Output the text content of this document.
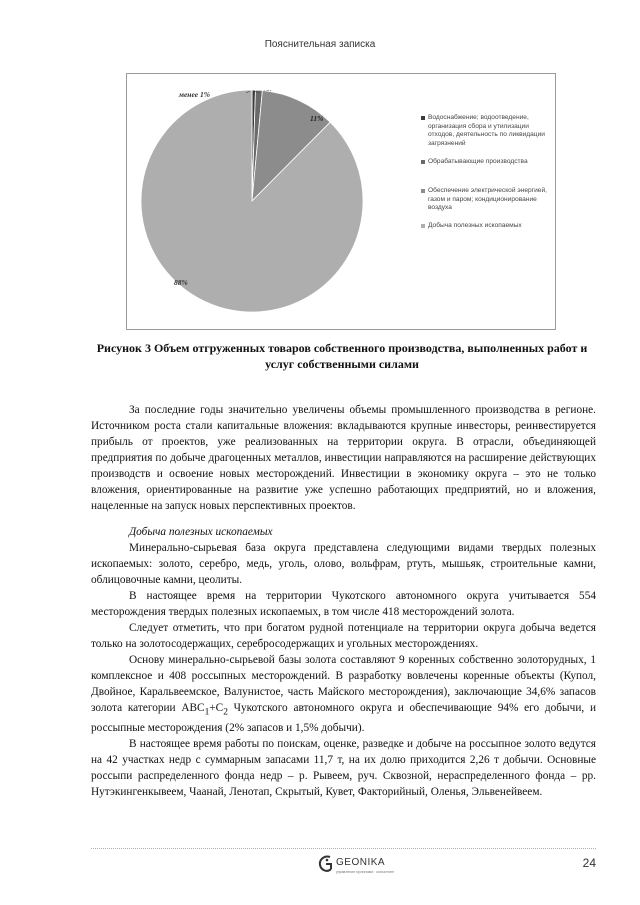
Пояснительная записка
менее 1%
11%
88%
Водоснабжение; водоотведение, организация сбора и утилизации отходов, деятельность по ликвидации загрязнений
Обрабатывающие производства
Обеспечение электрической энергией, газом и паром; кондиционирование воздуха
Добыча полезных ископаемых
Рисунок 3 Объем отгруженных товаров собственного производства, выполненных работ и услуг собственными силами

За последние годы значительно увеличены объемы промышленного производства в регионе. Источником роста стали капитальные вложения: вкладываются крупные инвесторы, реинвестируется прибыль от проектов, уже реализованных на территории округа. В отрасли, объединяющей предприятия по добыче драгоценных металлов, инвестиции направляются на расширение действующих производств и освоение новых месторождений. Инвестиции в экономику округа – это не только вложения, ориентированные на развитие уже успешно работающих предприятий, но и вложения, нацеленные на запуск новых перспективных проектов.

Добыча полезных ископаемых

Минерально-сырьевая база округа представлена следующими видами твердых полезных ископаемых: золото, серебро, медь, уголь, олово, вольфрам, ртуть, мышьяк, строительные камни, облицовочные камни, цеолиты.

В настоящее время на территории Чукотского автономного округа учитывается 554 месторождения твердых полезных ископаемых, в том числе 418 месторождений золота.

Следует отметить, что при богатом рудной потенциале на территории округа добыча ведется только на золотосодержащих, серебросодержащих и угольных месторождениях.

Основу минерально-сырьевой базы золота составляют 9 коренных собственно золоторудных, 1 комплексное и 408 россыпных месторождений. В разработку вовлечены коренные объекты (Купол, Двойное, Каральвеемское, Валунистое, часть Майского месторождения), заключающие 34,6% запасов золота категории $АВС_1+С_2$ Чукотского автономного округа и обеспечивающие 94% его добычи, и россыпные месторождения (2% запасов и 1,5% добычи).

В настоящее время работы по поискам, оценке, разведке и добыче на россыпное золото ведутся на 42 участках недр с суммарным запасами 11,7 т, на их долю приходится 2,26 т добычи. Основные россыпи распределенного фонда недр – р. Рывеем, руч. Сквозной, нераспределенного фонда – рр. Нутэкингенкывеем, Чаанай, Ленотап, Скрытый, Кувет, Факторийный, Оленья, Эльвенейвеем.

GEONIKA
управление проектами · консалтинг
24
